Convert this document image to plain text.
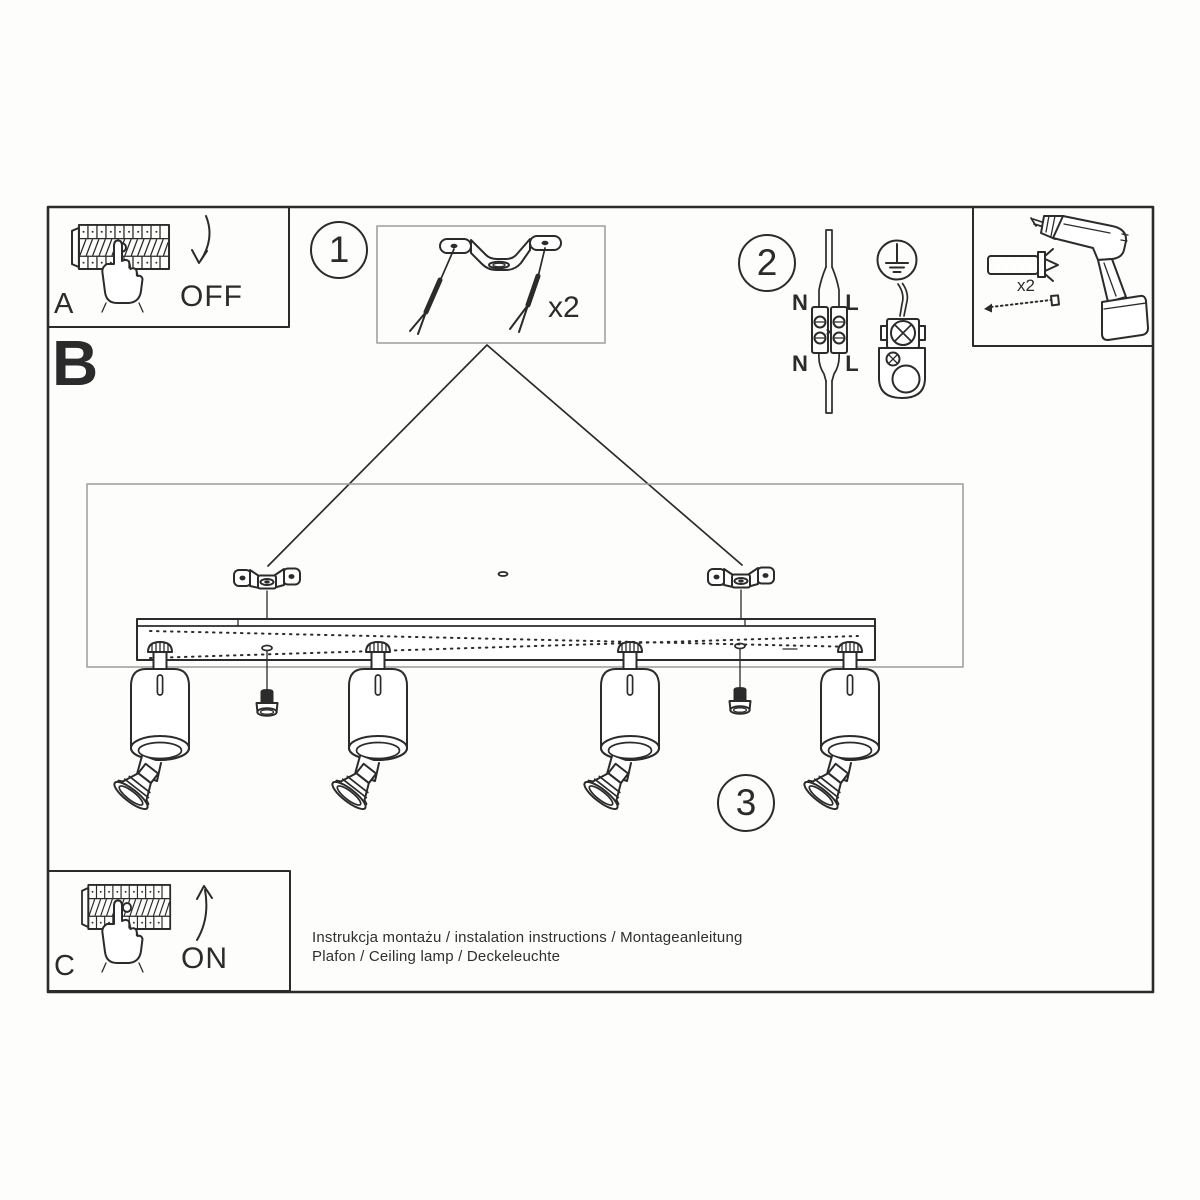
1
x2
2
N L
N L
3
A	OFF
B
C	ON
x2
Instrukcja montażu / instalation instructions / Montageanleitung
Plafon / Ceiling lamp / Deckeleuchte
